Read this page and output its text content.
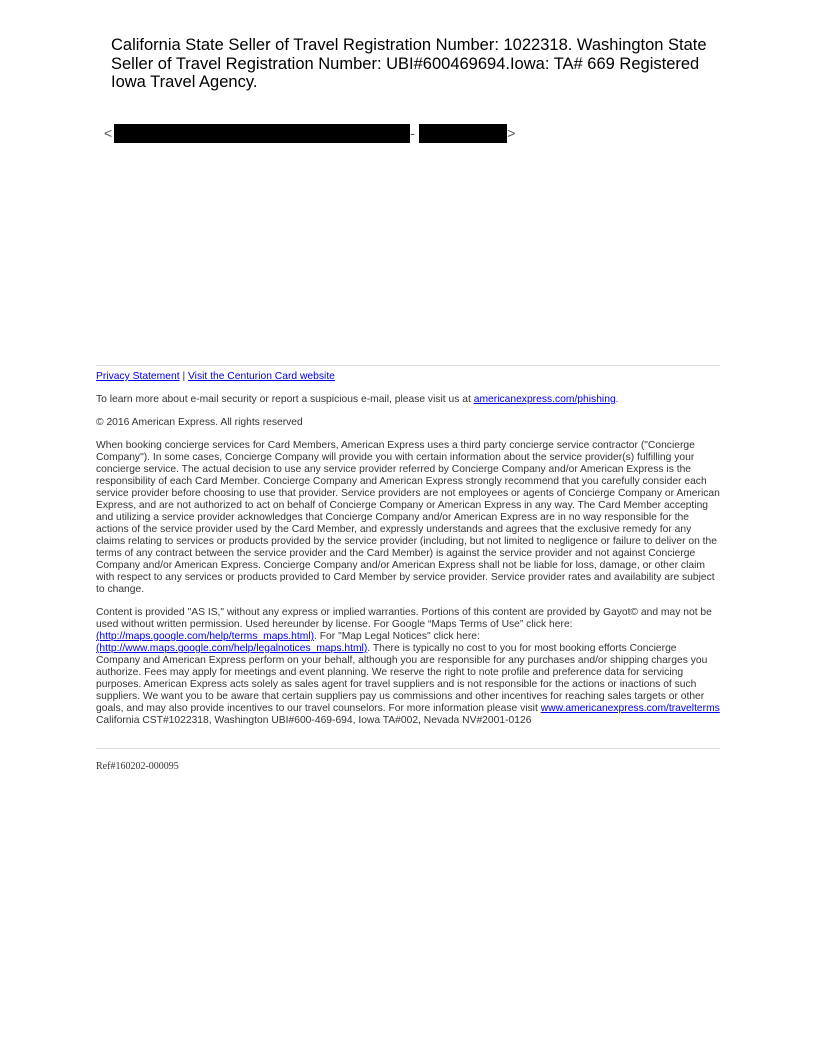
California State Seller of Travel Registration Number: 1022318. Washington State Seller of Travel Registration Number: UBI#600469694.Iowa: TA# 669 Registered Iowa Travel Agency.
<	-	>

Privacy Statement | Visit the Centurion Card website

To learn more about e-mail security or report a suspicious e-mail, please visit us at americanexpress.com/phishing.

© 2016 American Express. All rights reserved

When booking concierge services for Card Members, American Express uses a third party concierge service contractor ("Concierge Company"). In some cases, Concierge Company will provide you with certain information about the service provider(s) fulfilling your concierge service. The actual decision to use any service provider referred by Concierge Company and/or American Express is the responsibility of each Card Member. Concierge Company and American Express strongly recommend that you carefully consider each service provider before choosing to use that provider. Service providers are not employees or agents of Concierge Company or American Express, and are not authorized to act on behalf of Concierge Company or American Express in any way. The Card Member accepting and utilizing a service provider acknowledges that Concierge Company and/or American Express are in no way responsible for the actions of the service provider used by the Card Member, and expressly understands and agrees that the exclusive remedy for any claims relating to services or products provided by the service provider (including, but not limited to negligence or failure to deliver on the terms of any contract between the service provider and the Card Member) is against the service provider and not against Concierge Company and/or American Express. Concierge Company and/or American Express shall not be liable for loss, damage, or other claim with respect to any services or products provided to Card Member by service provider. Service provider rates and availability are subject to change.

Content is provided "AS IS," without any express or implied warranties. Portions of this content are provided by Gayot© and may not be used without written permission. Used hereunder by license. For Google “Maps Terms of Use” click here: (http://maps.google.com/help/terms_maps.html). For "Map Legal Notices" click here: (http://www.maps.google.com/help/legalnotices_maps.html). There is typically no cost to you for most booking efforts Concierge Company and American Express perform on your behalf, although you are responsible for any purchases and/or shipping charges you authorize. Fees may apply for meetings and event planning. We reserve the right to note profile and preference data for servicing purposes. American Express acts solely as sales agent for travel suppliers and is not responsible for the actions or inactions of such suppliers. We want you to be aware that certain suppliers pay us commissions and other incentives for reaching sales targets or other goals, and may also provide incentives to our travel counselors. For more information please visit www.americanexpress.com/travelterms California CST#1022318, Washington UBI#600-469-694, Iowa TA#002, Nevada NV#2001-0126

Ref#160202-000095
